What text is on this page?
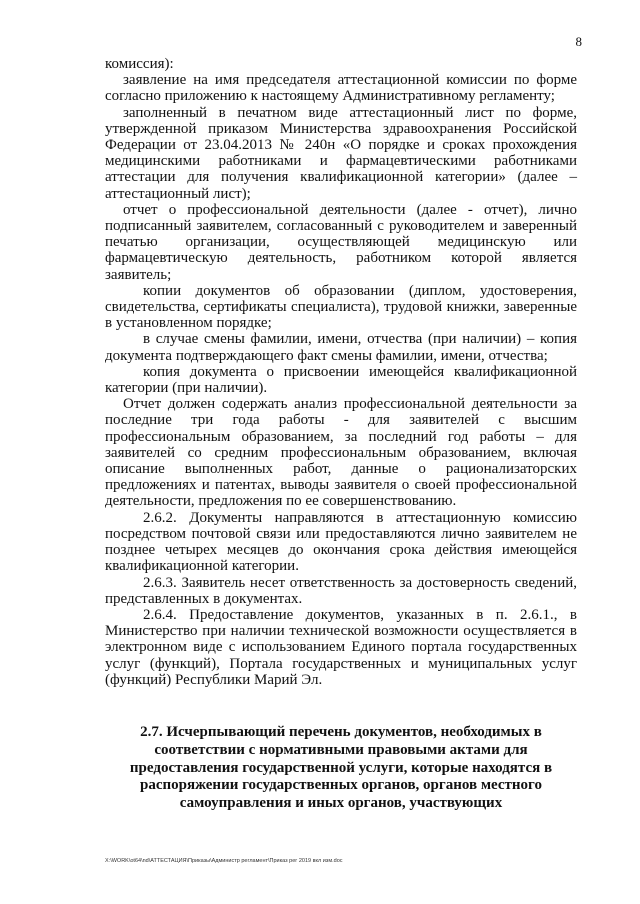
8

комиссия):

заявление на имя председателя аттестационной комиссии по форме согласно приложению к настоящему Административному регламенту;

заполненный в печатном виде аттестационный лист по форме, утвержденной приказом Министерства здравоохранения Российской Федерации от 23.04.2013 № 240н «О порядке и сроках прохождения медицинскими работниками и фармацевтическими работниками аттестации для получения квалификационной категории» (далее – аттестационный лист);

отчет о профессиональной деятельности (далее - отчет), лично подписанный заявителем, согласованный с руководителем и заверенный печатью организации, осуществляющей медицинскую или фармацевтическую деятельность, работником которой является заявитель;

копии документов об образовании (диплом, удостоверения, свидетельства, сертификаты специалиста), трудовой книжки, заверенные в установленном порядке;

в случае смены фамилии, имени, отчества (при наличии) – копия документа подтверждающего факт смены фамилии, имени, отчества;

копия документа о присвоении имеющейся квалификационной категории (при наличии).

Отчет должен содержать анализ профессиональной деятельности за последние три года работы - для заявителей с высшим профессиональным образованием, за последний год работы – для заявителей со средним профессиональным образованием, включая описание выполненных работ, данные о рационализаторских предложениях и патентах, выводы заявителя о своей профессиональной деятельности, предложения по ее совершенствованию.

2.6.2. Документы направляются в аттестационную комиссию посредством почтовой связи или предоставляются лично заявителем не позднее четырех месяцев до окончания срока действия имеющейся квалификационной категории.

2.6.3. Заявитель несет ответственность за достоверность сведений, представленных в документах.

2.6.4. Предоставление документов, указанных в п. 2.6.1., в Министерство при наличии технической возможности осуществляется в электронном виде с использованием Единого портала государственных услуг (функций), Портала государственных и муниципальных услуг (функций) Республики Марий Эл.

2.7. Исчерпывающий перечень документов, необходимых в соответствии с нормативными правовыми актами для предоставления государственной услуги, которые находятся в распоряжении государственных органов, органов местного самоуправления и иных органов, участвующих

X:\WORK\ot64\nd\АТТЕСТАЦИЯ\Приказы\Администр регламент\Приказ рег 2019 вкл изм.doc
